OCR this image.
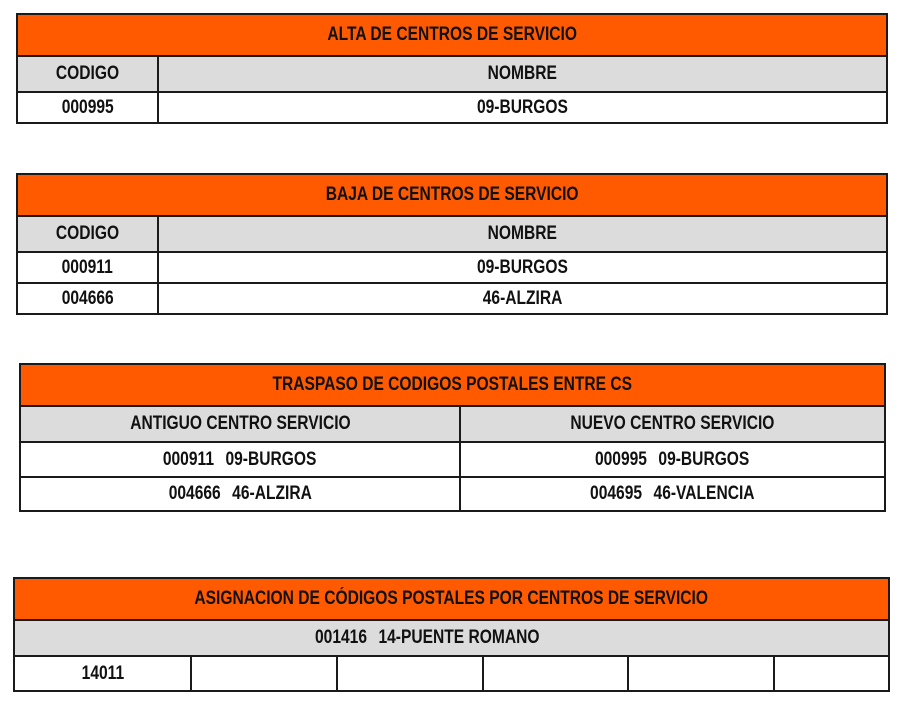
ALTA DE CENTROS DE SERVICIO	
CODIGO	NOMBRE
000995	09-BURGOS
BAJA DE CENTROS DE SERVICIO	
CODIGO	NOMBRE
000911	09-BURGOS
004666	46-ALZIRA
TRASPASO DE CODIGOS POSTALES ENTRE CS	
ANTIGUO CENTRO SERVICIO	NUEVO CENTRO SERVICIO
000911 09-BURGOS	000995 09-BURGOS
004666 46-ALZIRA	004695 46-VALENCIA
ASIGNACION DE CÓDIGOS POSTALES POR CENTROS DE SERVICIO
001416 14-PUENTE ROMANO
14011					
